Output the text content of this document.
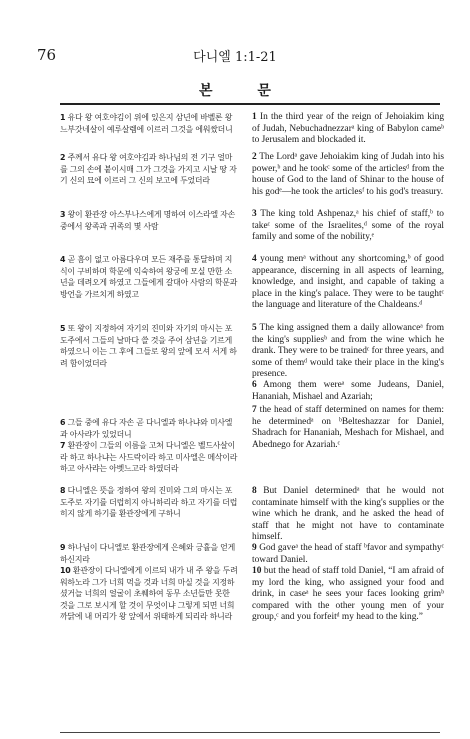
76	다니엘 1:1-21
본 문

1 유다 왕 여호야김이 위에 있은지 삼년에 바벨론 왕 느부갓네살이 예루살렘에 이르러 그것을 에워쌌더니

2 주께서 유다 왕 여호야김과 하나님의 전 기구 얼마를 그의 손에 붙이시매 그가 그것을 가지고 시날 땅 자기 신의 묘에 이르러 그 신의 보고에 두었더라

3 왕이 환관장 아스부나스에게 명하여 이스라엘 자손 중에서 왕족과 귀족의 몇 사람

4 곧 흠이 없고 아름다우며 모든 재주를 통달하며 지식이 구비하며 학문에 익숙하여 왕궁에 모실 만한 소년을 데려오게 하였고 그들에게 갈대아 사람의 학문과 방언을 가르치게 하였고

5 또 왕이 지정하여 자기의 진미와 자기의 마시는 포도주에서 그들의 날마다 쓸 것을 주어 삼년을 기르게 하였으니 이는 그 후에 그들로 왕의 앞에 모셔 서게 하려 함이었더라

6 그들 중에 유다 자손 곧 다니엘과 하나냐와 미사엘과 아사랴가 있었더니

7 환관장이 그들의 이름을 고쳐 다니엘은 벨드사살이라 하고 하나냐는 사드락이라 하고 미사엘은 메삭이라 하고 아사랴는 아벳느고라 하였더라

8 다니엘은 뜻을 정하여 왕의 진미와 그의 마시는 포도주로 자기를 더럽히지 아니하리라 하고 자기를 더럽히지 않게 하기를 환관장에게 구하니

9 하나님이 다니엘로 환관장에게 은혜와 긍휼을 얻게 하신지라

10 환관장이 다니엘에게 이르되 내가 내 주 왕을 두려워하노라 그가 너희 먹을 것과 너희 마실 것을 지정하셨거늘 너희의 얼굴이 초췌하여 동무 소년들만 못한 것을 그로 보시게 할 것이 무엇이냐 그렇게 되면 너희 까닭에 내 머리가 왕 앞에서 위태하게 되리라 하니라

1 In the third year of the reign of Jehoiakim king of Judah, Nebuchadnezzarᵃ king of Babylon cameᵇ to Jerusalem and blockaded it.

2 The Lordᵃ gave Jehoiakim king of Judah into his power,ᵇ and he tookᶜ some of the articlesᵈ from the house of God to the land of Shinar to the house of his godᵉ—he took the articlesᶠ to his god's treasury.

3 The king told Ashpenaz,ᵃ his chief of staff,ᵇ to takeᶜ some of the Israelites,ᵈ some of the royal family and some of the nobility,ᵉ

4 young menᵃ without any shortcoming,ᵇ of good appearance, discerning in all aspects of learning, knowledge, and insight, and capable of taking a place in the king's palace. They were to be taughtᶜ the language and literature of the Chaldeans.ᵈ

5 The king assigned them a daily allowanceᵃ from the king's suppliesᵇ and from the wine which he drank. They were to be trainedᶜ for three years, and some of themᵈ would take their place in the king's presence.

6 Among them wereᵃ some Judeans, Daniel, Hananiah, Mishael and Azariah;

7 the head of staff determined on names for them: he determinedᵃ on ᵇBelteshazzar for Daniel, Shadrach for Hananiah, Meshach for Mishael, and Abednego for Azariah.ᶜ

8 But Daniel determinedᵃ that he would not contaminate himself with the king's supplies or the wine which he drank, and he asked the head of staff that he might not have to contaminate himself.

9 God gaveᵃ the head of staff ᵇfavor and sympathyᶜ toward Daniel.

10 but the head of staff told Daniel, “I am afraid of my lord the king, who assigned your food and drink, in caseᵃ he sees your faces looking grimᵇ compared with the other young men of your group,ᶜ and you forfeitᵈ my head to the king.”
